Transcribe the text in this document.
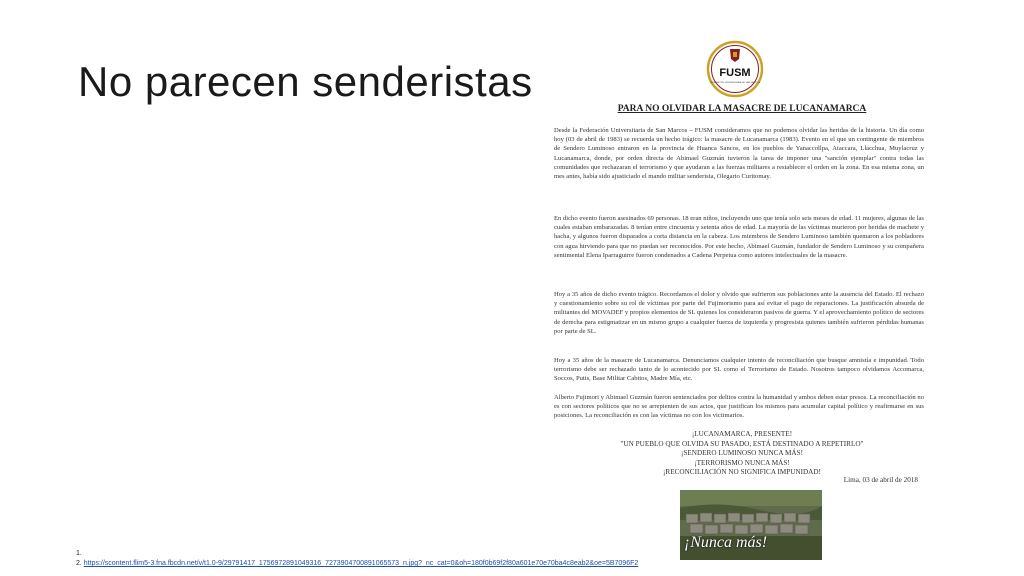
No parecen senderistas	FUSM
FEDERACIÓN UNIVERSITARIA DE SAN MARCOS
PARA NO OLVIDAR LA MASACRE DE LUCANAMARCA

Desde la Federación Universitaria de San Marcos – FUSM consideramos que no podemos olvidar las heridas de la historia. Un día como hoy (03 de abril de 1983) se recuerda un hecho trágico: la masacre de Lucanamarca (1983). Evento en el que un contingente de miembros de Sendero Luminoso entraron en la provincia de Huanca Sancos, en los pueblos de Yanaccollpa, Ataccara, Llacchua, Muylacruz y Lucanamarca, donde, por orden directa de Abimael Guzmán tuvieron la tarea de imponer una "sanción ejemplar" contra todas las comunidades que rechazaran el terrorismo y que ayudaran a las fuerzas militares a restablecer el orden en la zona. En esa misma zona, un mes antes, había sido ajusticiado el mando militar senderista, Olegario Curitomay.

En dicho evento fueron asesinados 69 personas. 18 eran niños, incluyendo uno que tenía solo seis meses de edad. 11 mujeres, algunas de las cuales estaban embarazadas. 8 tenían entre cincuenta y setenta años de edad. La mayoría de las víctimas murieron por heridas de machete y hacha, y algunos fueron disparados a corta distancia en la cabeza. Los miembros de Sendero Luminoso también quemaron a los pobladores con agua hirviendo para que no puedan ser reconocidos. Por este hecho, Abimael Guzmán, fundador de Sendero Luminoso y su compañera sentimental Elena Iparraguirre fueron condenados a Cadena Perpetua como autores intelectuales de la masacre.

Hoy a 35 años de dicho evento trágico. Recordamos el dolor y olvido que sufrieron sus poblaciones ante la ausencia del Estado. El rechazo y cuestionamiento sobre su rol de víctimas por parte del Fujimorismo para así evitar el pago de reparaciones. La justificación absurda de militantes del MOVADEF y propios elementos de SL quienes los consideraron pasivos de guerra. Y el aprovechamiento político de sectores de derecha para estigmatizar en un mismo grupo a cualquier fuerza de izquierda y progresista quienes también sufrieron pérdidas humanas por parte de SL.

Hoy a 35 años de la masacre de Lucanamarca. Denunciamos cualquier intento de reconciliación que busque amnistía e impunidad. Todo terrorismo debe ser rechazado tanto de lo acontecido por SL como el Terrorismo de Estado. Nosotros tampoco olvidamos Accomarca, Soccos, Putis, Base Militar Cabitos, Madre Mía, etc.

Alberto Fujimori y Abimael Guzmán fueron sentenciados por delitos contra la humanidad y ambos deben estar presos. La reconciliación no es con sectores políticos que no se arrepienten de sus actos, que justifican los mismos para acumular capital político y reafirmarse en sus posiciones. La reconciliación es con las víctimas no con los victimarios.

¡LUCANAMARCA, PRESENTE!
"UN PUEBLO QUE OLVIDA SU PASADO, ESTÁ DESTINADO A REPETIRLO"
¡SENDERO LUMINOSO NUNCA MÁS!
¡TERRORISMO NUNCA MÁS!
¡RECONCILIACIÓN NO SIGNIFICA IMPUNIDAD!
Lima, 03 de abril de 2018
¡Nunca más!
1.
2. https://scontent.flim5-3.fna.fbcdn.net/v/t1.0-9/29791417_1756972891049316_7273904700891065573_n.jpg?_nc_cat=0&oh=180f0b69f2f80a601e70e70ba4c8eab2&oe=5B7096F2
